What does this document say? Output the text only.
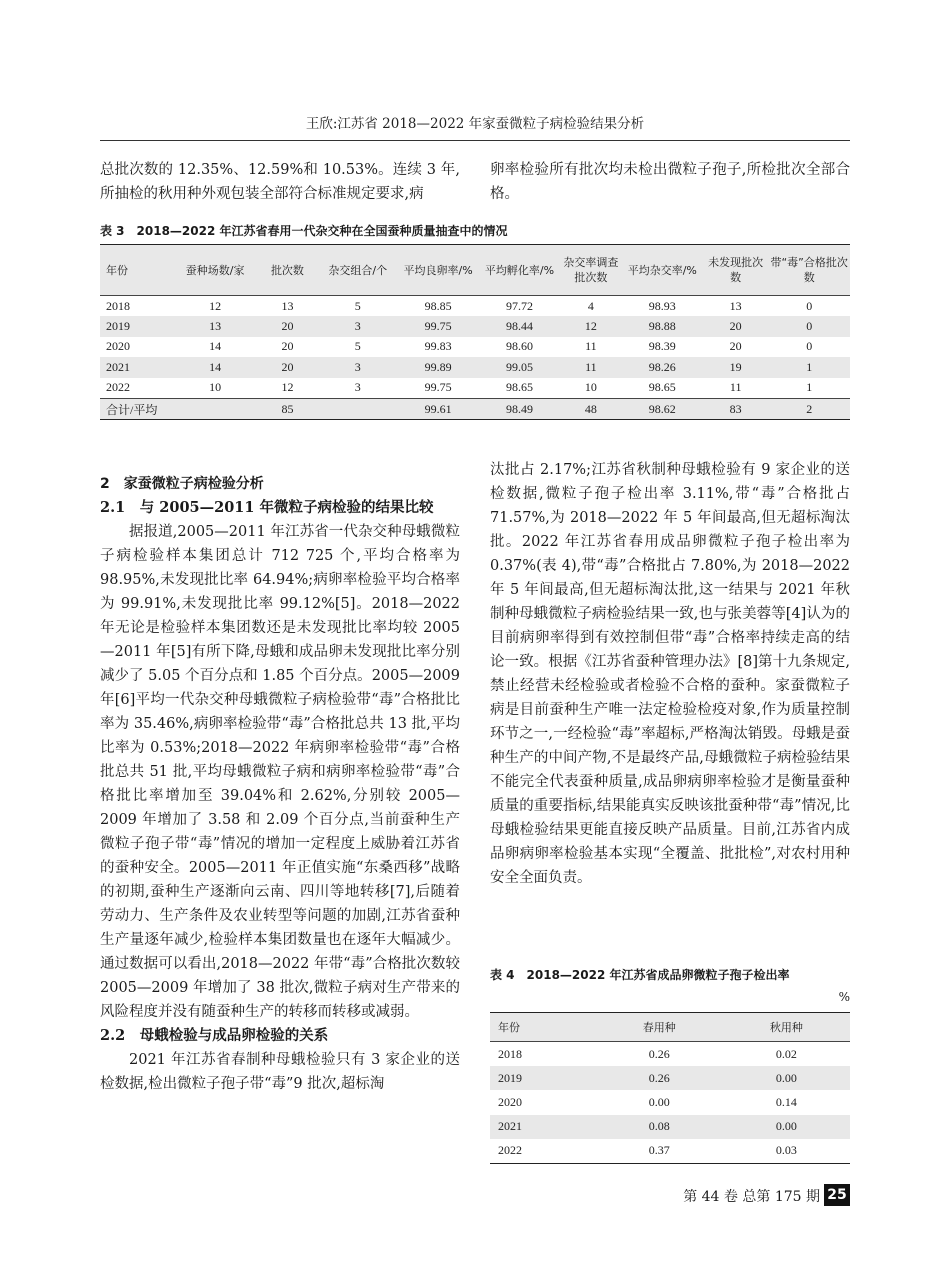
王欣:江苏省 2018—2022 年家蚕微粒子病检验结果分析

总批次数的 12.35%、12.59%和 10.53%。连续 3 年,所抽检的秋用种外观包装全部符合标准规定要求,病

卵率检验所有批次均未检出微粒子孢子,所检批次全部合格。

表 3　2018—2022 年江苏省春用一代杂交种在全国蚕种质量抽查中的情况
年份	蚕种场数/家	批次数	杂交组合/个	平均良卵率/%	平均孵化率/%	杂交率调查批次数	平均杂交率/%	未发现批次数	带“毒”合格批次数
2018	12	13	5	98.85	97.72	4	98.93	13	0
2019	13	20	3	99.75	98.44	12	98.88	20	0
2020	14	20	5	99.83	98.60	11	98.39	20	0
2021	14	20	3	99.89	99.05	11	98.26	19	1
2022	10	12	3	99.75	98.65	10	98.65	11	1
合计/平均		85		99.61	98.49	48	98.62	83	2

2　家蚕微粒子病检验分析

2.1　与 2005—2011 年微粒子病检验的结果比较

据报道,2005—2011 年江苏省一代杂交种母蛾微粒子病检验样本集团总计 712 725 个,平均合格率为 98.95%,未发现批比率 64.94%;病卵率检验平均合格率为 99.91%,未发现批比率 99.12%[5]。2018—2022 年无论是检验样本集团数还是未发现批比率均较 2005—2011 年[5]有所下降,母蛾和成品卵未发现批比率分别减少了 5.05 个百分点和 1.85 个百分点。2005—2009 年[6]平均一代杂交种母蛾微粒子病检验带“毒”合格批比率为 35.46%,病卵率检验带“毒”合格批总共 13 批,平均比率为 0.53%;2018—2022 年病卵率检验带“毒”合格批总共 51 批,平均母蛾微粒子病和病卵率检验带“毒”合格批比率增加至 39.04%和 2.62%,分别较 2005—2009 年增加了 3.58 和 2.09 个百分点,当前蚕种生产微粒子孢子带“毒”情况的增加一定程度上威胁着江苏省的蚕种安全。2005—2011 年正值实施“东桑西移”战略的初期,蚕种生产逐渐向云南、四川等地转移[7],后随着劳动力、生产条件及农业转型等问题的加剧,江苏省蚕种生产量逐年减少,检验样本集团数量也在逐年大幅减少。通过数据可以看出,2018—2022 年带“毒”合格批次数较 2005—2009 年增加了 38 批次,微粒子病对生产带来的风险程度并没有随蚕种生产的转移而转移或减弱。

2.2　母蛾检验与成品卵检验的关系

2021 年江苏省春制种母蛾检验只有 3 家企业的送检数据,检出微粒子孢子带“毒”9 批次,超标淘

汰批占 2.17%;江苏省秋制种母蛾检验有 9 家企业的送检数据,微粒子孢子检出率 3.11%,带“毒”合格批占 71.57%,为 2018—2022 年 5 年间最高,但无超标淘汰批。2022 年江苏省春用成品卵微粒子孢子检出率为 0.37%(表 4),带“毒”合格批占 7.80%,为 2018—2022 年 5 年间最高,但无超标淘汰批,这一结果与 2021 年秋制种母蛾微粒子病检验结果一致,也与张美蓉等[4]认为的目前病卵率得到有效控制但带“毒”合格率持续走高的结论一致。根据《江苏省蚕种管理办法》[8]第十九条规定,禁止经营未经检验或者检验不合格的蚕种。家蚕微粒子病是目前蚕种生产唯一法定检验检疫对象,作为质量控制环节之一,一经检验“毒”率超标,严格淘汰销毁。母蛾是蚕种生产的中间产物,不是最终产品,母蛾微粒子病检验结果不能完全代表蚕种质量,成品卵病卵率检验才是衡量蚕种质量的重要指标,结果能真实反映该批蚕种带“毒”情况,比母蛾检验结果更能直接反映产品质量。目前,江苏省内成品卵病卵率检验基本实现“全覆盖、批批检”,对农村用种安全全面负责。

表 4　2018—2022 年江苏省成品卵微粒子孢子检出率
%
年份	春用种	秋用种
2018	0.26	0.02
2019	0.26	0.00
2020	0.00	0.14
2021	0.08	0.00
2022	0.37	0.03
第 44 卷 总第 175 期 25
